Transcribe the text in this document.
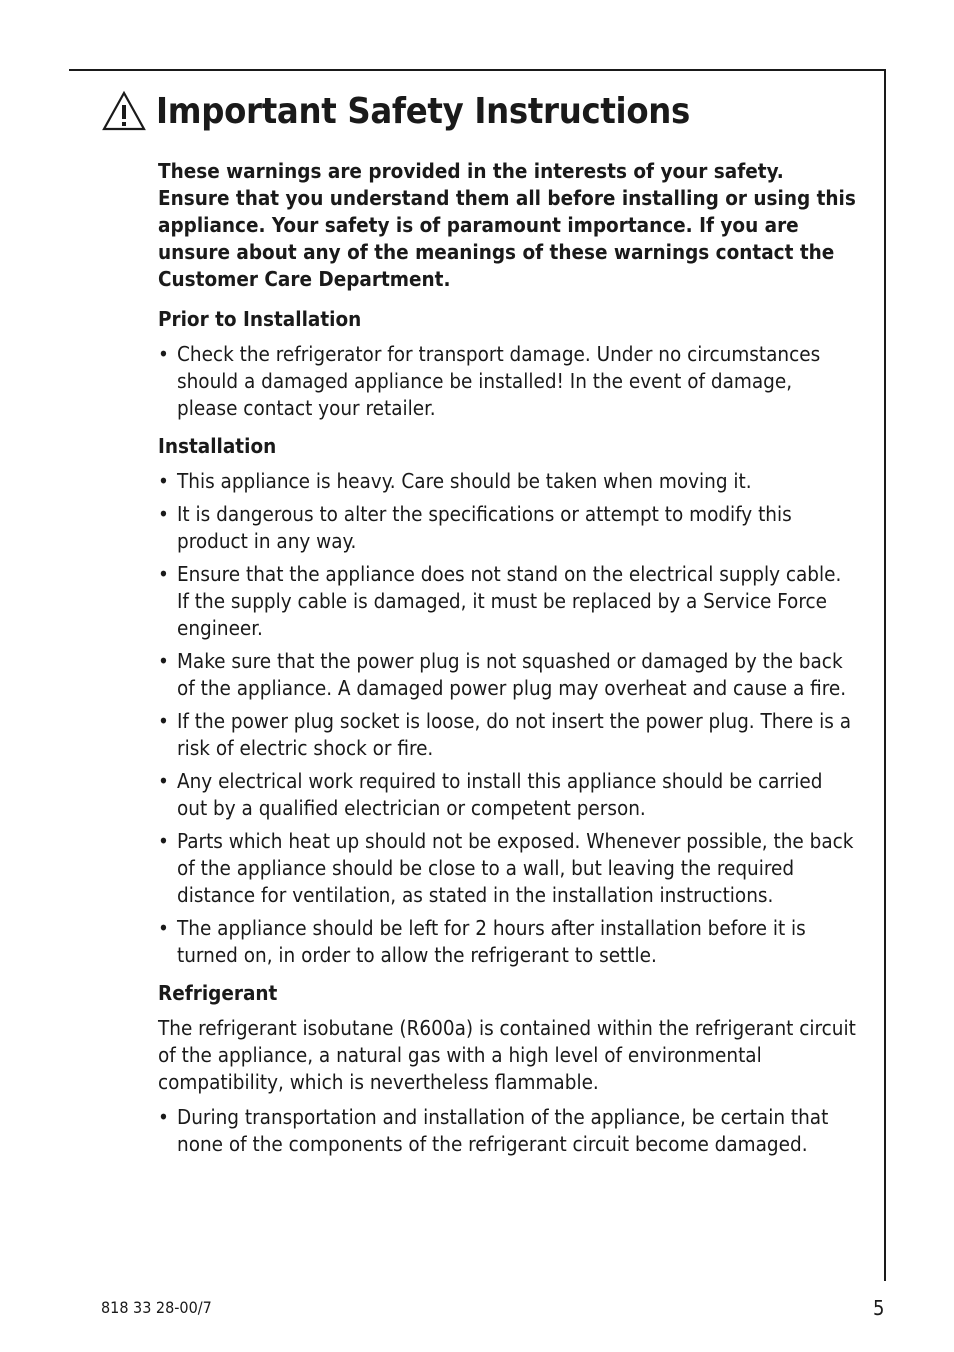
Important Safety Instructions

These warnings are provided in the interests of your safety. Ensure that you understand them all before installing or using this appliance. Your safety is of paramount importance. If you are unsure about any of the meanings of these warnings contact the Customer Care Department.

Prior to Installation
• Check the refrigerator for transport damage. Under no circumstances should a damaged appliance be installed! In the event of damage, please contact your retailer.
Installation
• This appliance is heavy. Care should be taken when moving it.
• It is dangerous to alter the specifications or attempt to modify this product in any way.
• Ensure that the appliance does not stand on the electrical supply cable. If the supply cable is damaged, it must be replaced by a Service Force engineer.
• Make sure that the power plug is not squashed or damaged by the back of the appliance. A damaged power plug may overheat and cause a fire.
• If the power plug socket is loose, do not insert the power plug. There is a risk of electric shock or fire.
• Any electrical work required to install this appliance should be carried out by a qualified electrician or competent person.
• Parts which heat up should not be exposed. Whenever possible, the back of the appliance should be close to a wall, but leaving the required distance for ventilation, as stated in the installation instructions.
• The appliance should be left for 2 hours after installation before it is turned on, in order to allow the refrigerant to settle.
Refrigerant

The refrigerant isobutane (R600a) is contained within the refrigerant circuit of the appliance, a natural gas with a high level of environmental compatibility, which is nevertheless flammable.

• During transportation and installation of the appliance, be certain that none of the components of the refrigerant circuit become damaged.
818 33 28-00/7	5
